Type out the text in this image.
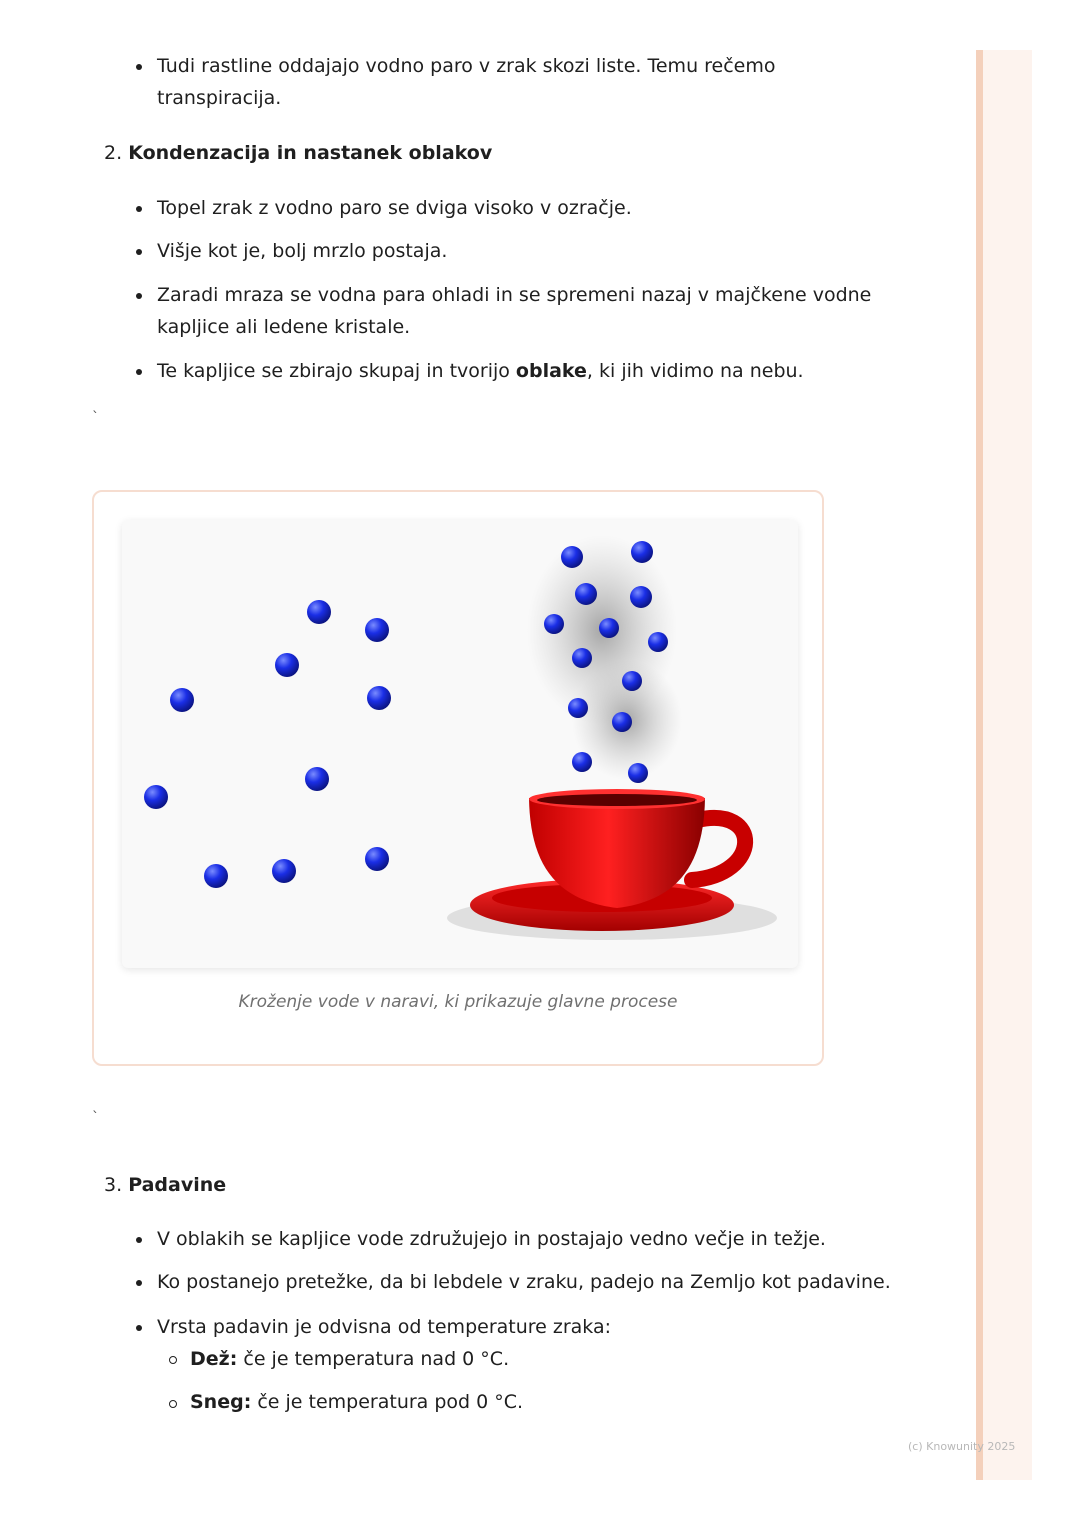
Tudi rastline oddajajo vodno paro v zrak skozi liste. Temu rečemo
transpiracija.
2. Kondenzacija in nastanek oblakov
Topel zrak z vodno paro se dviga visoko v ozračje.
Višje kot je, bolj mrzlo postaja.
Zaradi mraza se vodna para ohladi in se spremeni nazaj v majčkene vodne
kapljice ali ledene kristale.
Te kapljice se zbirajo skupaj in tvorijo oblake, ki jih vidimo na nebu.
`
Kroženje vode v naravi, ki prikazuje glavne procese
`
3. Padavine
V oblakih se kapljice vode združujejo in postajajo vedno večje in težje.
Ko postanejo pretežke, da bi lebdele v zraku, padejo na Zemljo kot padavine.
Vrsta padavin je odvisna od temperature zraka:
Dež: če je temperatura nad 0 °C.
Sneg: če je temperatura pod 0 °C.
(c) Knowunity 2025
